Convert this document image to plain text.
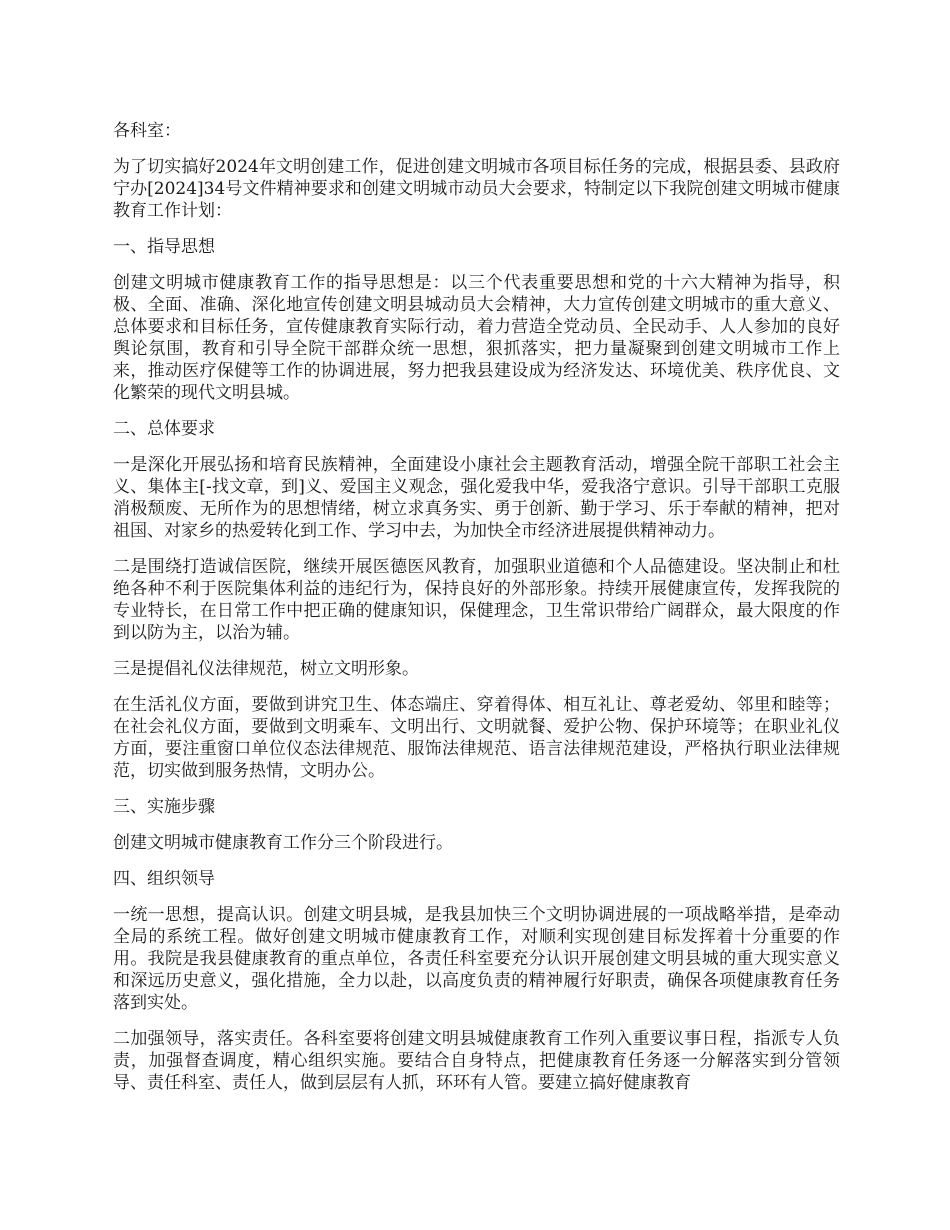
各科室：

为了切实搞好2024年文明创建工作，促进创建文明城市各项目标任务的完成，根据县委、县政府宁办[2024]34号文件精神要求和创建文明城市动员大会要求，特制定以下我院创建文明城市健康教育工作计划：

一、指导思想

创建文明城市健康教育工作的指导思想是：以三个代表重要思想和党的十六大精神为指导，积极、全面、准确、深化地宣传创建文明县城动员大会精神，大力宣传创建文明城市的重大意义、总体要求和目标任务，宣传健康教育实际行动，着力营造全党动员、全民动手、人人参加的良好舆论氛围，教育和引导全院干部群众统一思想，狠抓落实，把力量凝聚到创建文明城市工作上来，推动医疗保健等工作的协调进展，努力把我县建设成为经济发达、环境优美、秩序优良、文化繁荣的现代文明县城。

二、总体要求

一是深化开展弘扬和培育民族精神，全面建设小康社会主题教育活动，增强全院干部职工社会主义、集体主[-找文章，到]义、爱国主义观念，强化爱我中华，爱我洛宁意识。引导干部职工克服消极颓废、无所作为的思想情绪，树立求真务实、勇于创新、勤于学习、乐于奉献的精神，把对祖国、对家乡的热爱转化到工作、学习中去，为加快全市经济进展提供精神动力。

二是围绕打造诚信医院，继续开展医德医风教育，加强职业道德和个人品德建设。坚决制止和杜绝各种不利于医院集体利益的违纪行为，保持良好的外部形象。持续开展健康宣传，发挥我院的专业特长，在日常工作中把正确的健康知识，保健理念，卫生常识带给广阔群众，最大限度的作到以防为主，以治为辅。

三是提倡礼仪法律规范，树立文明形象。

在生活礼仪方面，要做到讲究卫生、体态端庄、穿着得体、相互礼让、尊老爱幼、邻里和睦等；在社会礼仪方面，要做到文明乘车、文明出行、文明就餐、爱护公物、保护环境等；在职业礼仪方面，要注重窗口单位仪态法律规范、服饰法律规范、语言法律规范建设，严格执行职业法律规范，切实做到服务热情，文明办公。

三、实施步骤

创建文明城市健康教育工作分三个阶段进行。

四、组织领导

一统一思想，提高认识。创建文明县城，是我县加快三个文明协调进展的一项战略举措，是牵动全局的系统工程。做好创建文明城市健康教育工作，对顺利实现创建目标发挥着十分重要的作用。我院是我县健康教育的重点单位，各责任科室要充分认识开展创建文明县城的重大现实意义和深远历史意义，强化措施，全力以赴，以高度负责的精神履行好职责，确保各项健康教育任务落到实处。

二加强领导，落实责任。各科室要将创建文明县城健康教育工作列入重要议事日程，指派专人负责，加强督查调度，精心组织实施。要结合自身特点，把健康教育任务逐一分解落实到分管领导、责任科室、责任人，做到层层有人抓，环环有人管。要建立搞好健康教育
